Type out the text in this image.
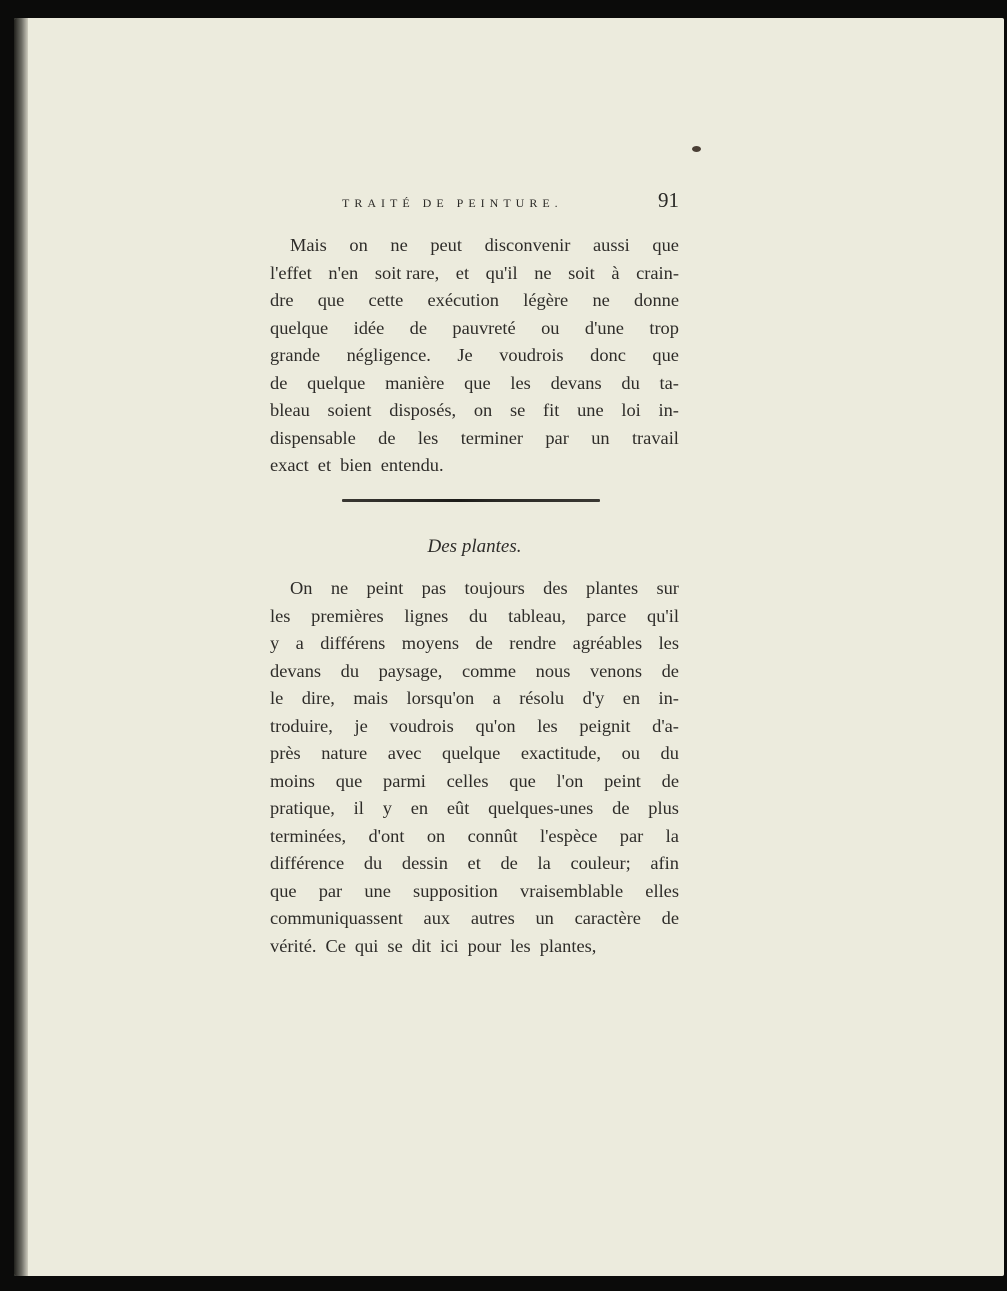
TRAITÉ DE PEINTURE.	91
Mais on ne peut disconvenir aussi que
l'effet n'en soit rare, et qu'il ne soit à crain-
dre que cette exécution légère ne donne
quelque idée de pauvreté ou d'une trop
grande négligence. Je voudrois donc que
de quelque manière que les devans du ta-
bleau soient disposés, on se fit une loi in-
dispensable de les terminer par un travail
exact et bien entendu.
Des plantes.
On ne peint pas toujours des plantes sur
les premières lignes du tableau, parce qu'il
y a différens moyens de rendre agréables les
devans du paysage, comme nous venons de
le dire, mais lorsqu'on a résolu d'y en in-
troduire, je voudrois qu'on les peignit d'a-
près nature avec quelque exactitude, ou du
moins que parmi celles que l'on peint de
pratique, il y en eût quelques-unes de plus
terminées, d'ont on connût l'espèce par la
différence du dessin et de la couleur; afin
que par une supposition vraisemblable elles
communiquassent aux autres un caractère de
vérité. Ce qui se dit ici pour les plantes,
